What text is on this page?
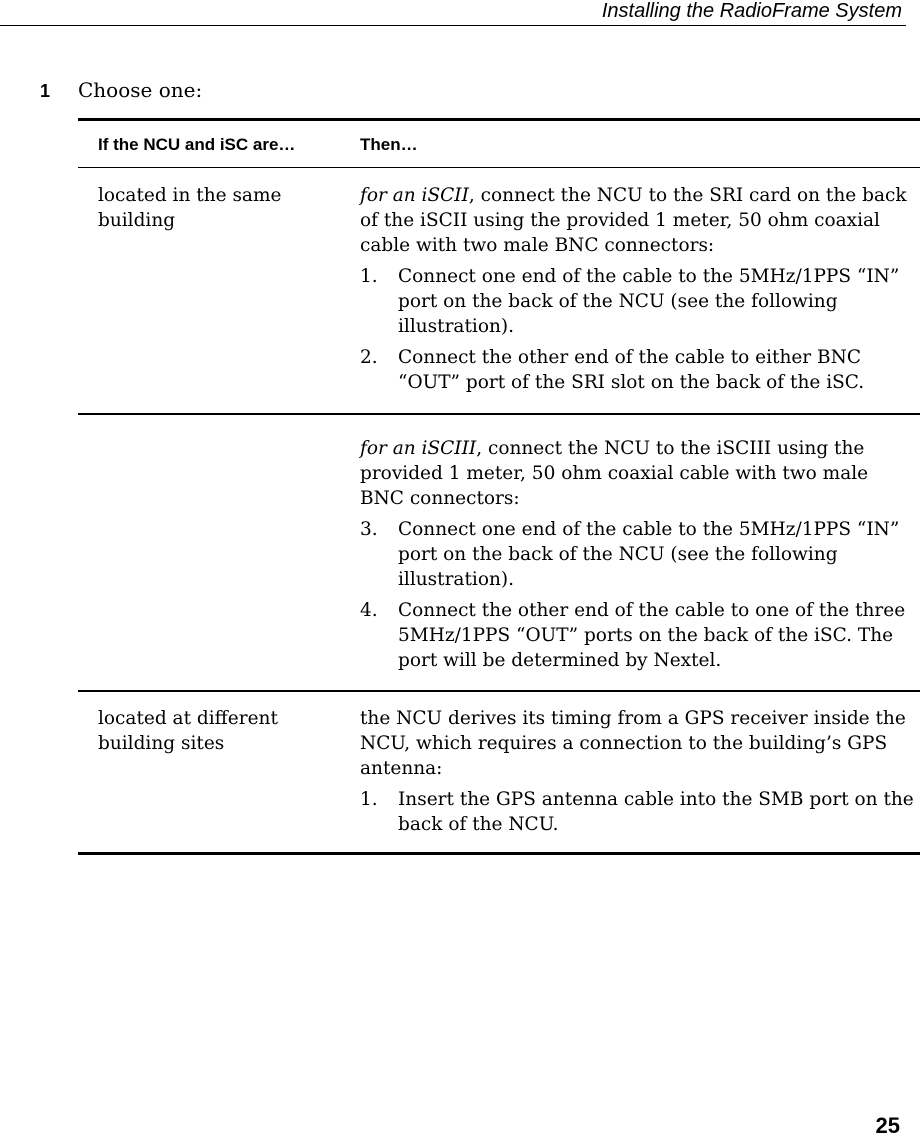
Installing the RadioFrame System
1 Choose one:
If the NCU and iSC are…	Then…
located in the same building

for an iSCII, connect the NCU to the SRI card on the back of the iSCII using the provided 1 meter, 50 ohm coaxial cable with two male BNC connectors:

1. Connect one end of the cable to the 5MHz/1PPS “IN” port on the back of the NCU (see the following illustration).
2. Connect the other end of the cable to either BNC “OUT” port of the SRI slot on the back of the iSC.

for an iSCIII, connect the NCU to the iSCIII using the provided 1 meter, 50 ohm coaxial cable with two male BNC connectors:

3. Connect one end of the cable to the 5MHz/1PPS “IN” port on the back of the NCU (see the following illustration).
4. Connect the other end of the cable to one of the three 5MHz/1PPS “OUT” ports on the back of the iSC. The port will be determined by Nextel.
located at different building sites

the NCU derives its timing from a GPS receiver inside the NCU, which requires a connection to the building’s GPS antenna:

1. Insert the GPS antenna cable into the SMB port on the back of the NCU.
25
